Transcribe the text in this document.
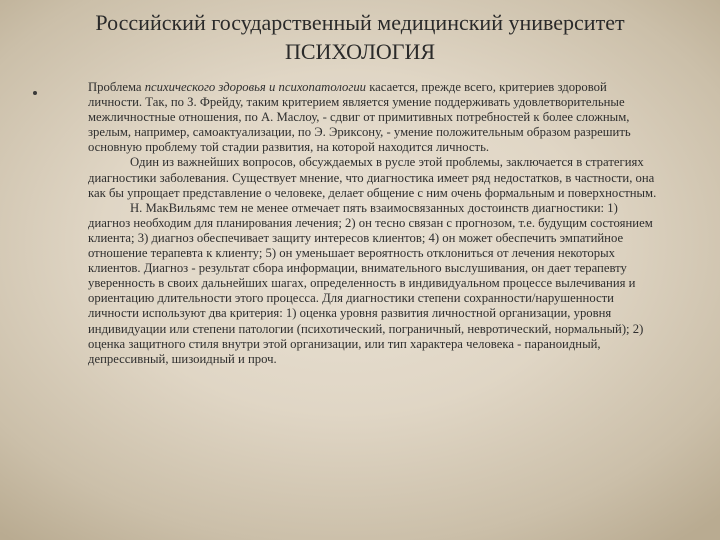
Российский государственный медицинский университет
ПСИХОЛОГИЯ

Проблема психического здоровья и психопатологии касается, прежде всего, критериев здоровой личности. Так, по З. Фрейду, таким критерием является умение поддерживать удовлетворительные межличностные отношения, по А. Маслоу, - сдвиг от примитивных потребностей к более сложным, зрелым, например, самоактуализации, по Э. Эриксону, - умение положительным образом разрешить основную проблему той стадии развития, на которой находится личность.

Один из важнейших вопросов, обсуждаемых в русле этой проблемы, заключается в стратегиях диагностики заболевания. Существует мнение, что диагностика имеет ряд недостатков, в частности, она как бы упрощает представление о человеке, делает общение с ним очень формальным и поверхностным.

Н. МакВильямс тем не менее отмечает пять взаимосвязанных достоинств диагностики: 1) диагноз необходим для планирования лечения; 2) он тесно связан с прогнозом, т.е. будущим состоянием клиента; 3) диагноз обеспечивает защиту интересов клиентов; 4) он может обеспечить эмпатийное отношение терапевта к клиенту; 5) он уменьшает вероятность отклониться от лечения некоторых клиентов. Диагноз - результат сбора информации, внимательного выслушивания, он дает терапевту уверенность в своих дальнейших шагах, определенность в индивидуальном процессе вылечивания и ориентацию длительности этого процесса. Для диагностики степени сохранности/нарушенности личности используют два критерия: 1) оценка уровня развития личностной организации, уровня индивидуации или степени патологии (психотический, пограничный, невротический, нормальный); 2) оценка защитного стиля внутри этой организации, или тип характера человека - параноидный, депрессивный, шизоидный и проч.
